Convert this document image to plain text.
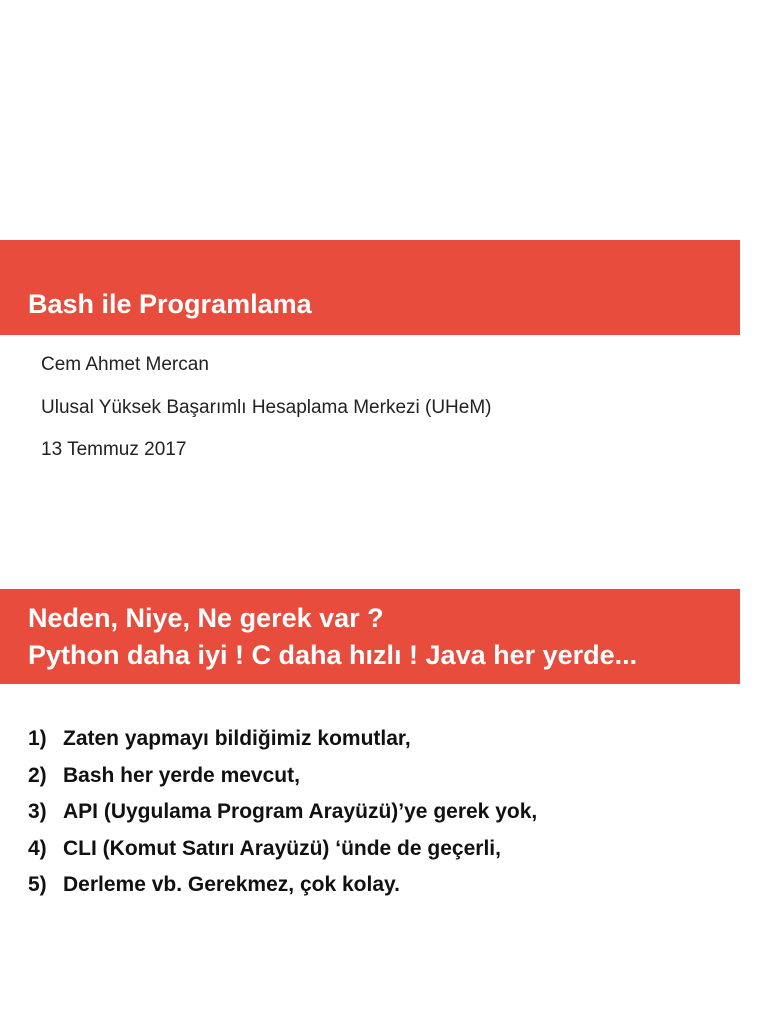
Bash ile Programlama
Cem Ahmet Mercan
Ulusal Yüksek Başarımlı Hesaplama Merkezi (UHeM)
13 Temmuz 2017
Neden, Niye, Ne gerek var ?
Python daha iyi ! C daha hızlı ! Java her yerde...
1) Zaten yapmayı bildiğimiz komutlar,
2) Bash her yerde mevcut,
3) API (Uygulama Program Arayüzü)’ye gerek yok,
4) CLI (Komut Satırı Arayüzü) ‘ünde de geçerli,
5) Derleme vb. Gerekmez, çok kolay.
